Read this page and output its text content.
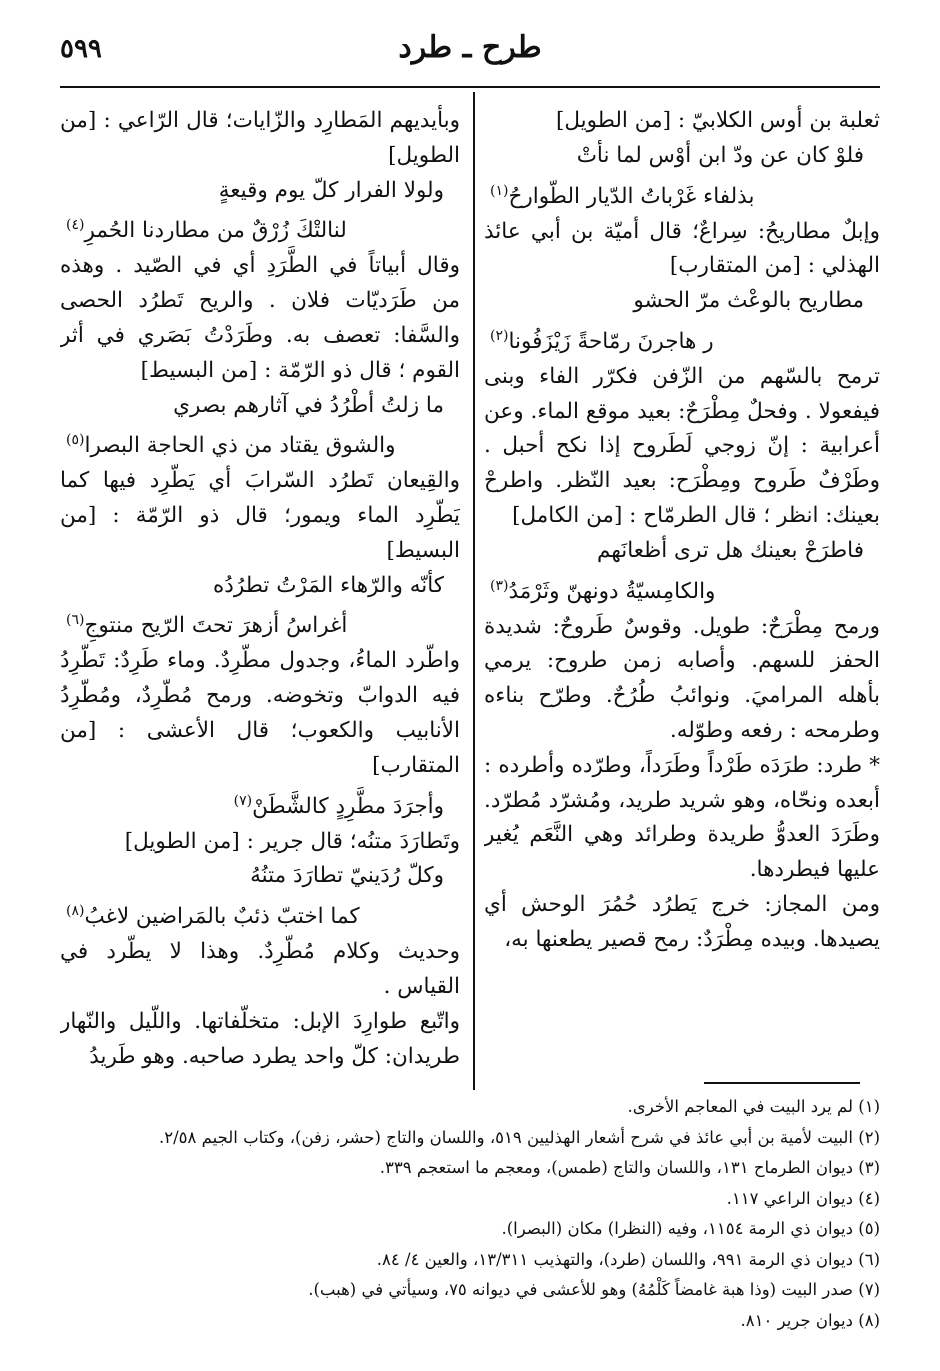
٥٩٩	طرح ـ طرد
ثعلبة بن أوس الكلابيّ : [من الطويل]
فلوْ كان عن ودّ ابن أوْس لما نأتْ
بذلفاء غَرْباتُ الدّيار الطّوارحُ$^{(١)}$
وإبلٌ مطاريحُ: سِراعٌ؛ قال أميّة بن أبي عائذ الهذلي : [من المتقارب]
مطاريح بالوعْث مرّ الحشو
ر هاجرنَ رمّاحةً زَيْزَفُونا$^{(٢)}$
ترمح بالسّهم من الزّفن فكرّر الفاء وبنى فيفعولا . وفحلٌ مِطْرَحٌ: بعيد موقع الماء. وعن أعرابية : إنّ زوجي لَطَروح إذا نكح أحبل . وطَرْفٌ طَروح ومِطْرَح: بعيد النّظر. واطرحْ بعينك: انظر ؛ قال الطرمّاح : [من الكامل]
فاطرَحْ بعينك هل ترى أظعانَهم
والكامِسيّةُ دونهنّ وثَرْمَدُ$^{(٣)}$
ورمح مِطْرَحٌ: طويل. وقوسٌ طَروحٌ: شديدة الحفز للسهم. وأصابه زمن طروح: يرمي بأهله المراميَ. ونوائبُ طُرُحٌ. وطرّح بناءه وطرمحه : رفعه وطوّله.
* طرد: طرَدَه طَرْداً وطَرَداً، وطرّده وأطرده : أبعده ونحّاه، وهو شريد طريد، ومُشرّد مُطرّد. وطَرَدَ العدوُّ طريدة وطرائد وهي النَّعَم يُغير عليها فيطردها.
ومن المجاز: خرج يَطرُد حُمُرَ الوحش أي يصيدها. وبيده مِطْرَدٌ: رمح قصير يطعنها به،
وبأيديهم المَطارِد والزّايات؛ قال الرّاعي : [من الطويل]
ولولا الفرار كلّ يوم وقيعةٍ
لنالتْكَ زُرْقٌ من مطاردنا الحُمرِ$^{(٤)}$
وقال أبياتاً في الطَّرَدِ أي في الصّيد . وهذه من طَرَديّات فلان . والريح تَطرُد الحصى والسَّفا: تعصف به. وطَرَدْتُ بَصَري في أثر القوم ؛ قال ذو الرّمّة : [من البسيط]
ما زلتُ أطْرُدُ في آثارهم بصري
والشوق يقتاد من ذي الحاجة البصرا$^{(٥)}$
والقِيعان تَطرُد السّرابَ أي يَطّرِد فيها كما يَطّرِد الماء ويمور؛ قال ذو الرّمّة : [من البسيط]
كأنّه والرّهاء المَرْتُ تطرُدُه
أغراسُ أزهرَ تحتَ الرّيح منتوجِ$^{(٦)}$
واطّرد الماءُ، وجدول مطّرِدٌ. وماء طَرِدٌ: تَطّرِدُ فيه الدوابّ وتخوضه. ورمح مُطّرِدٌ، ومُطّرِدُ الأنابيب والكعوب؛ قال الأعشى : [من المتقارب]
وأجرَدَ مطَّرِدٍ كالشَّطَنْ$^{(٧)}$
وتَطارَدَ متنُه؛ قال جرير : [من الطويل]
وكلّ رُدَينيّ تطارَدَ متنُهُ
كما اختبّ ذئبٌ بالمَراضين لاغبُ$^{(٨)}$
وحديث وكلام مُطّرِدٌ. وهذا لا يطّرد في القياس .
واتّبع طوارِدَ الإبل: متخلّفاتها. واللّيل والنّهار طريدان: كلّ واحد يطرد صاحبه. وهو طَريدُ
(١) لم يرد البيت في المعاجم الأخرى.
(٢) البيت لأمية بن أبي عائذ في شرح أشعار الهذليين ٥١٩، واللسان والتاج (حشر، زفن)، وكتاب الجيم ٢/٥٨.
(٣) ديوان الطرماح ١٣١، واللسان والتاج (طمس)، ومعجم ما استعجم ٣٣٩.
(٤) ديوان الراعي ١١٧.
(٥) ديوان ذي الرمة ١١٥٤، وفيه (النظرا) مكان (البصرا).
(٦) ديوان ذي الرمة ٩٩١، واللسان (طرد)، والتهذيب ١٣/٣١١، والعين ٤/ ٨٤.
(٧) صدر البيت (وذا هبة غامضاً كَلْمُهُ) وهو للأعشى في ديوانه ٧٥، وسيأتي في (هبب).
(٨) ديوان جرير ٨١٠.
